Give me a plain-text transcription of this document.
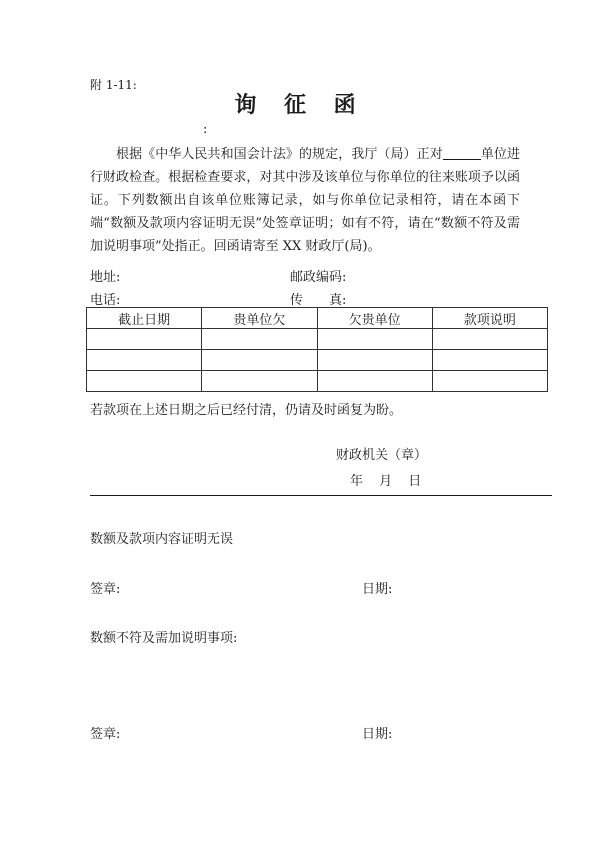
附 1-11:
询 征 函
:

根据《中华人民共和国会计法》的规定，我厅（局）正对	单位进行财政检查。根据检查要求，对其中涉及该单位与你单位的往来账项予以函证。下列数额出自该单位账簿记录，如与你单位记录相符，请在本函下端“数额及款项内容证明无误”处签章证明；如有不符，请在“数额不符及需加说明事项”处指正。回函请寄至 XX 财政厅(局)。

地址:	邮政编码:
电话:	传　　真:
截止日期	贵单位欠	欠贵单位	款项说明

若款项在上述日期之后已经付清，仍请及时函复为盼。
财政机关（章）
年 月 日
数额及款项内容证明无误
签章:	日期:
数额不符及需加说明事项:
签章:	日期:
